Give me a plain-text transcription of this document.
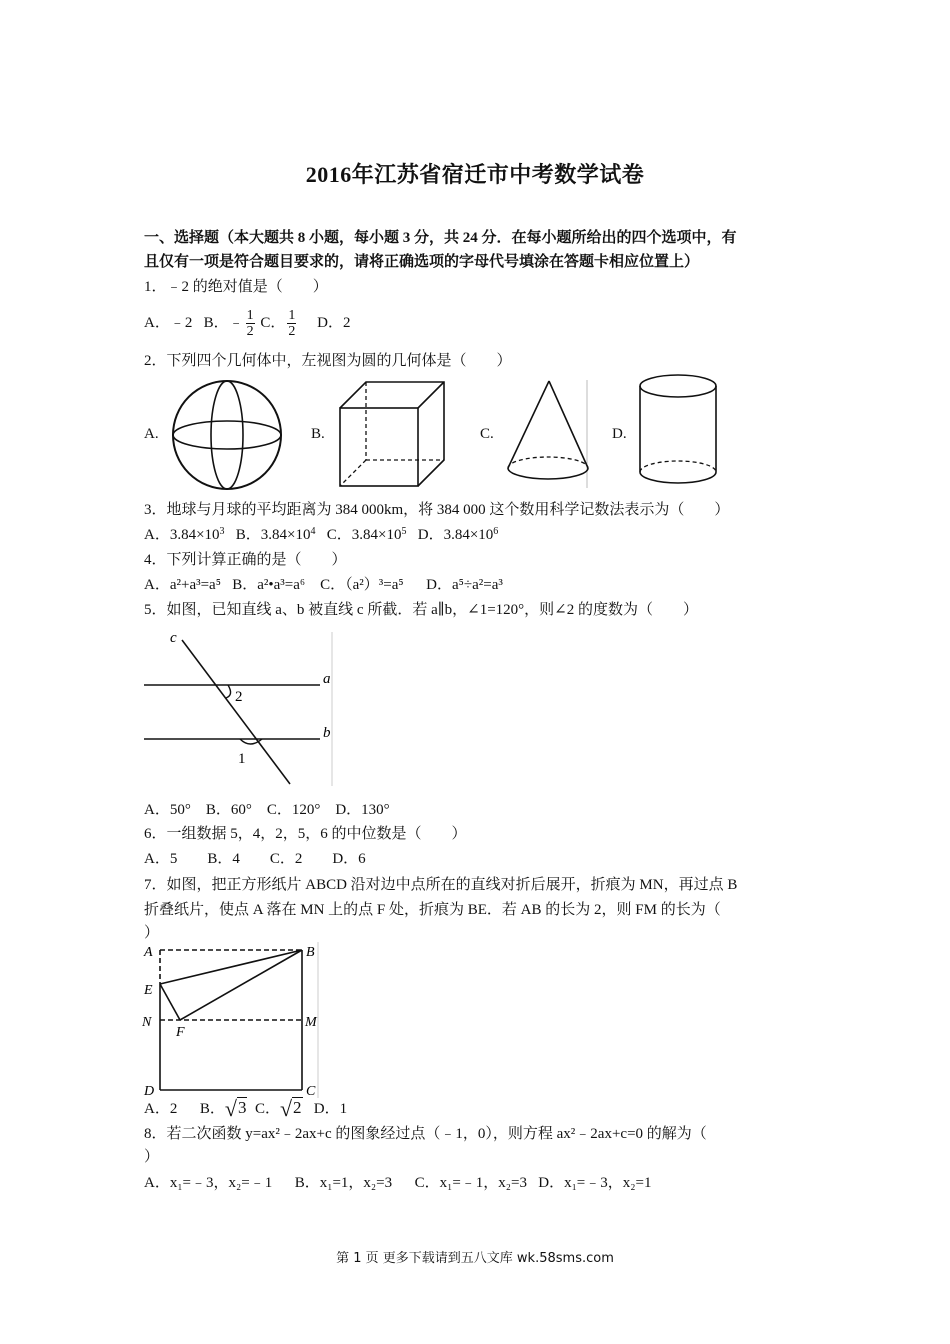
2016年江苏省宿迁市中考数学试卷
一、选择题（本大题共 8 小题，每小题 3 分，共 24 分．在每小题所给出的四个选项中，有
且仅有一项是符合题目要求的，请将正确选项的字母代号填涂在答题卡相应位置上）
1．﹣2 的绝对值是（　　）
A．﹣2 B．﹣ $\frac{1}{2}$ C． $\frac{1}{2}$ D．2
2．下列四个几何体中，左视图为圆的几何体是（　　）
A.	B.	C.	D.
3．地球与月球的平均距离为 384 000km，将 384 000 这个数用科学记数法表示为（　　）
A．$3.84\times 10^3$ B．$3.84\times 10^4$ C．$3.84\times 10^5$ D．$3.84\times 10^6$
4．下列计算正确的是（　　）
A．a²+a³=a⁵ B．a²•a³=a⁶ C．（a²）³=a⁵ D．a⁵÷a²=a³
5．如图，已知直线 a、b 被直线 c 所截．若 a∥b，∠1=120°，则∠2 的度数为（　　）
c
a
b
2
1
A．50°　B．60°　C．120°　D．130°
6．一组数据 5，4，2，5，6 的中位数是（　　）
A．5　　B．4　　C．2　　D．6
7．如图，把正方形纸片 ABCD 沿对边中点所在的直线对折后展开，折痕为 MN，再过点 B
折叠纸片，使点 A 落在 MN 上的点 F 处，折痕为 BE．若 AB 的长为 2，则 FM 的长为（
）
A	B
E
N
F
M
D	C
A．2 B．√3 C．√2 D．1
8．若二次函数 y=ax²﹣2ax+c 的图象经过点（﹣1，0），则方程 ax²﹣2ax+c=0 的解为（
）
A．x₁=﹣3，x₂=﹣1 B．x₁=1，x₂=3 C．x₁=﹣1，x₂=3 D．x₁=﹣3，x₂=1
第 1 页 更多下载请到五八文库 wk.58sms.com
